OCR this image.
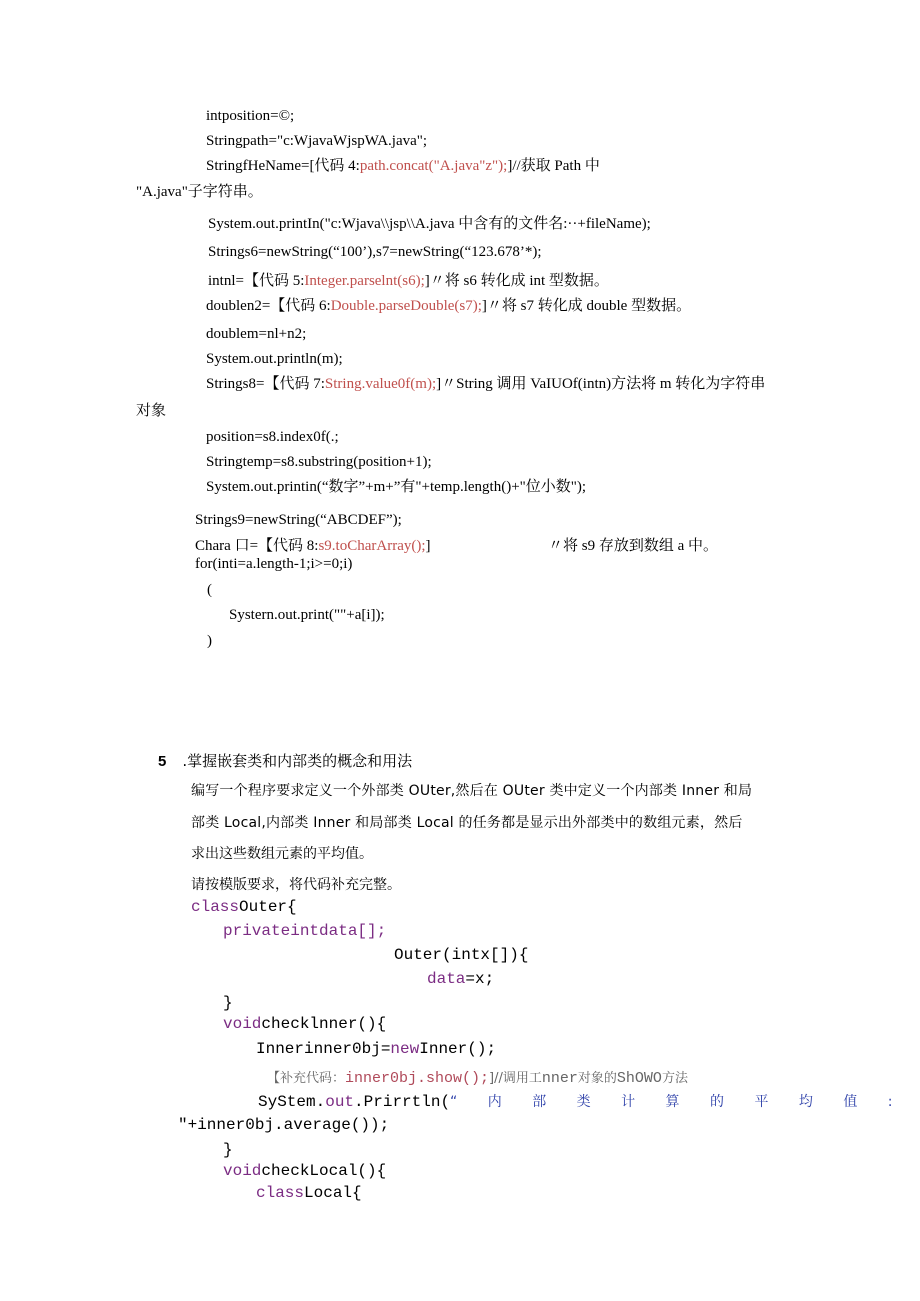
intposition=©;
Stringpath="c:WjavaWjspWA.java";
StringfHeName=[代码 4:path.concat("A.java"z");]//获取 Path 中
"A.java"子字符串。
System.out.printIn("c:Wjava\\jsp\\A.java 中含有的文件名:··+fileName);
Strings6=newString(“100’),s7=newString(“123.678’*);
intnl=【代码 5:Integer.parselnt(s6);]〃将 s6 转化成 int 型数据。
doublen2=【代码 6:Double.parseDouble(s7);]〃将 s7 转化成 double 型数据。
doublem=nl+n2;
System.out.println(m);
Strings8=【代码 7:String.value0f(m);]〃String 调用 VaIUOf(intn)方法将 m 转化为字符串
对象
position=s8.index0f(.;
Stringtemp=s8.substring(position+1);
System.out.printin(“数字”+m+”有"+temp.length()+"位小数");
Strings9=newString(“ABCDEF”);
Chara 口=【代码 8:s9.toCharArray();]	〃将 s9 存放到数组 a 中。
for(inti=a.length-1;i>=0;i)
(
Systern.out.print(""+a[i]);
)
5 .掌握嵌套类和内部类的概念和用法
编写一个程序要求定义一个外部类 OUter,然后在 OUter 类中定义一个内部类 Inner 和局
部类 Local,内部类 Inner 和局部类 Local 的任务都是显示出外部类中的数组元素，然后
求出这些数组元素的平均值。
请按模版要求，将代码补充完整。
classOuter{
privateintdata[];
Outer(intx[]){
data=x;
}
voidchecklnner(){
Innerinner0bj=newInner();
【补充代码：inner0bj.show();]//调用工nner对象的ShOWO方法
SyStem.out.Prirrtln(“ 内 部 类 计 算 的 平 均 值 :
"+inner0bj.average());
}
voidcheckLocal(){
classLocal{
